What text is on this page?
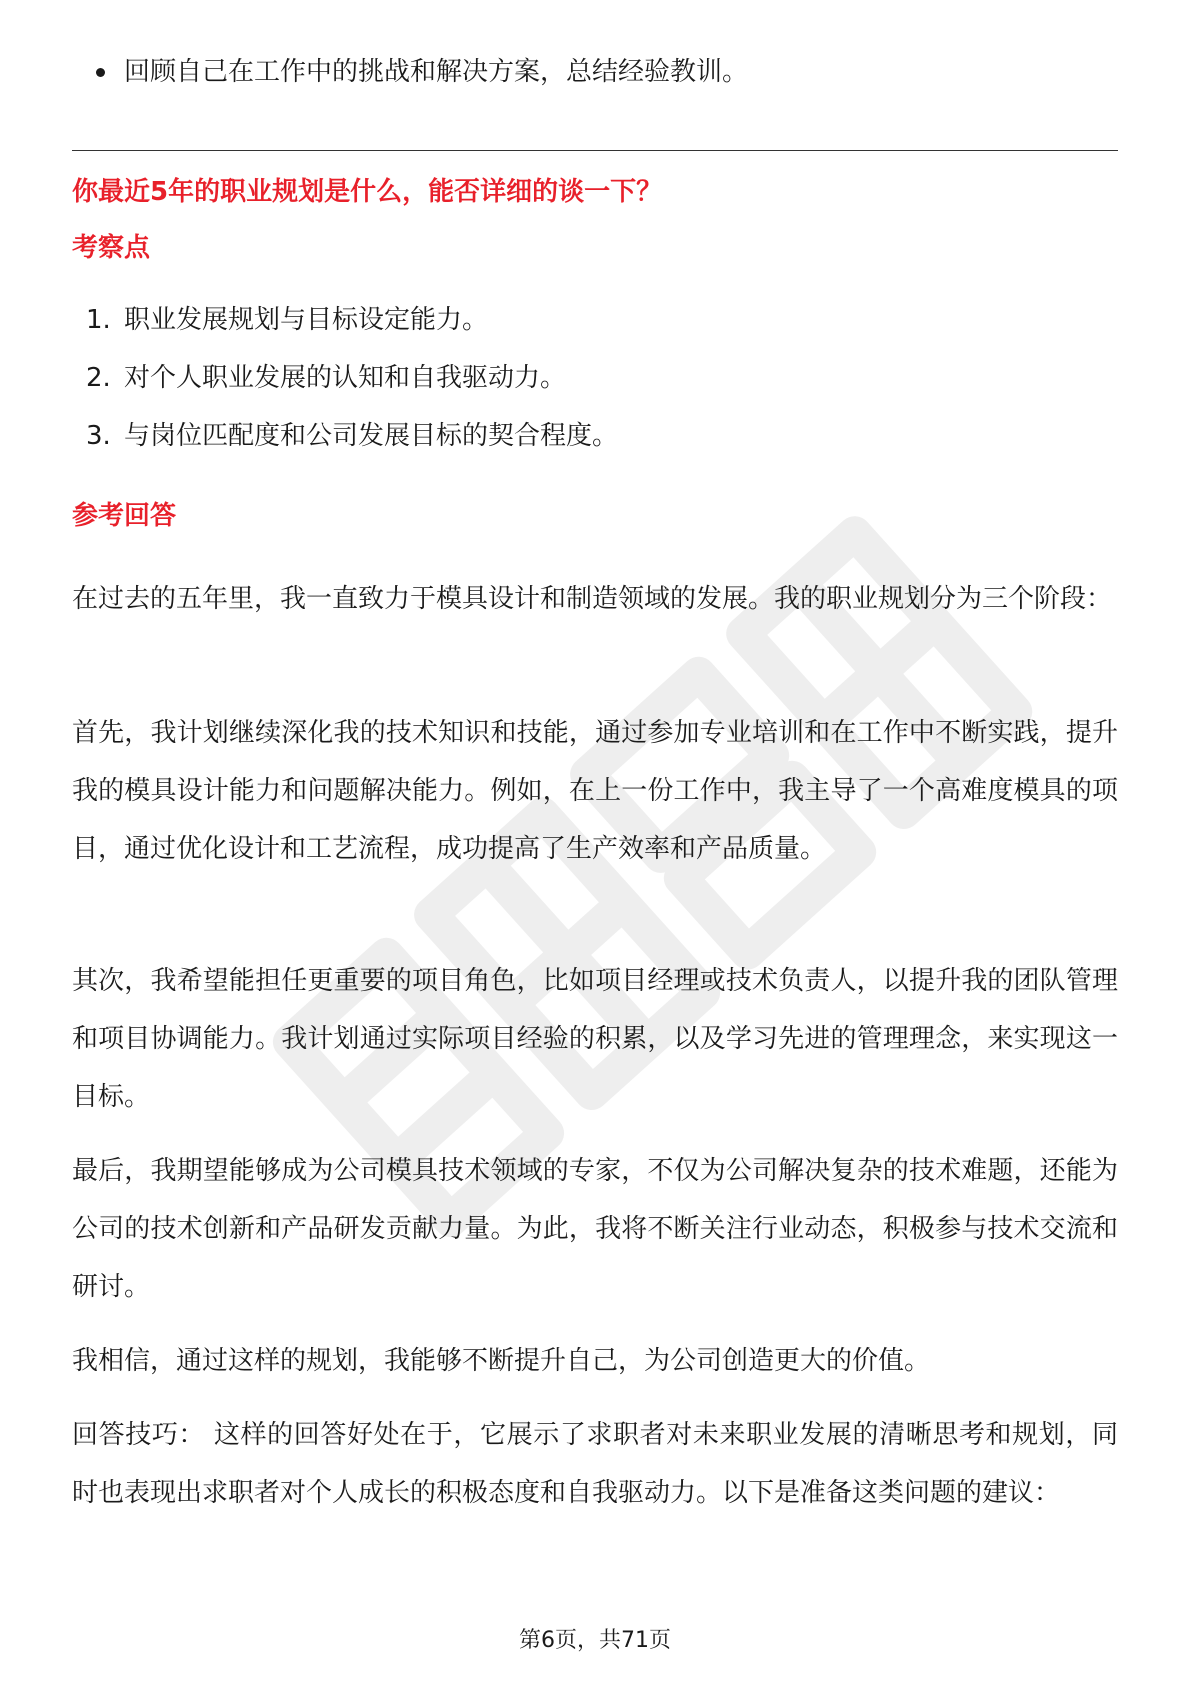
回顾自己在工作中的挑战和解决方案，总结经验教训。
你最近5年的职业规划是什么，能否详细的谈一下？
考察点
1. 职业发展规划与目标设定能力。
2. 对个人职业发展的认知和自我驱动力。
3. 与岗位匹配度和公司发展目标的契合程度。
参考回答

在过去的五年里，我一直致力于模具设计和制造领域的发展。我的职业规划分为三个阶段：

首先，我计划继续深化我的技术知识和技能，通过参加专业培训和在工作中不断实践，提升我的模具设计能力和问题解决能力。例如，在上一份工作中，我主导了一个高难度模具的项目，通过优化设计和工艺流程，成功提高了生产效率和产品质量。

其次，我希望能担任更重要的项目角色，比如项目经理或技术负责人，以提升我的团队管理和项目协调能力。我计划通过实际项目经验的积累，以及学习先进的管理理念，来实现这一目标。

最后，我期望能够成为公司模具技术领域的专家，不仅为公司解决复杂的技术难题，还能为公司的技术创新和产品研发贡献力量。为此，我将不断关注行业动态，积极参与技术交流和研讨。

我相信，通过这样的规划，我能够不断提升自己，为公司创造更大的价值。

回答技巧： 这样的回答好处在于，它展示了求职者对未来职业发展的清晰思考和规划，同时也表现出求职者对个人成长的积极态度和自我驱动力。以下是准备这类问题的建议：

第6页，共71页
